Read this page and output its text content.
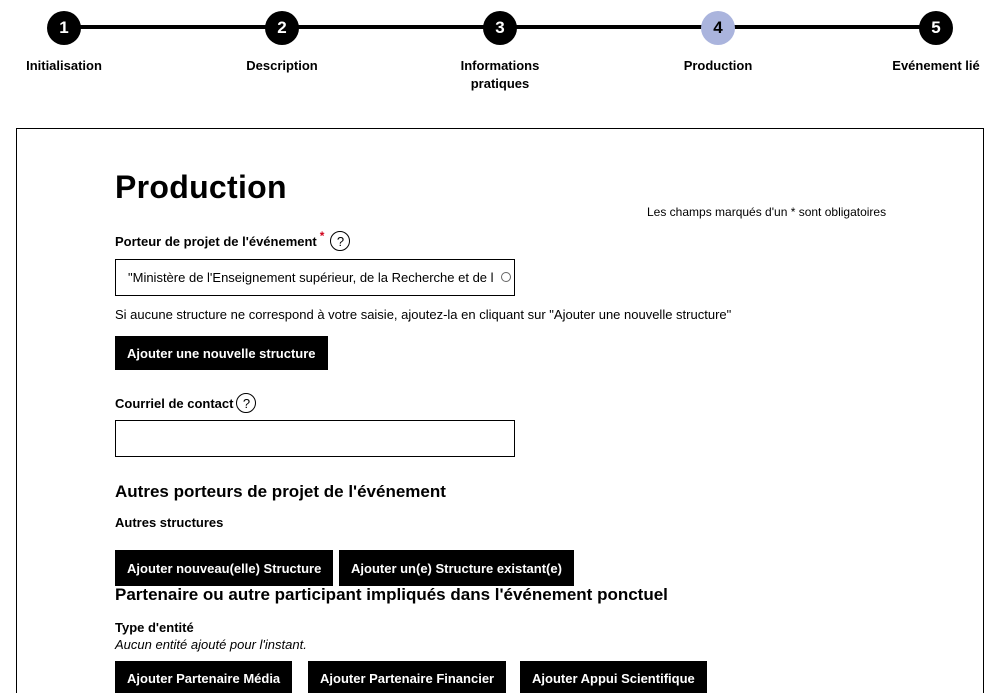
1
Initialisation
2
Description
3
Informations pratiques
4
Production
5
Evénement lié
Production
Les champs marqués d'un * sont obligatoires
Porteur de projet de l'événement * ?
"Ministère de l'Enseignement supérieur, de la Recherche et de l'Innovation"
Si aucune structure ne correspond à votre saisie, ajoutez-la en cliquant sur "Ajouter une nouvelle structure"
Ajouter une nouvelle structure
Courriel de contact ?
Autres porteurs de projet de l'événement
Autres structures
Ajouter nouveau(elle) Structure	Ajouter un(e) Structure existant(e)
Partenaire ou autre participant impliqués dans l'événement ponctuel
Type d'entité
Aucun entité ajouté pour l'instant.
Ajouter Partenaire Média	Ajouter Partenaire Financier	Ajouter Appui Scientifique
